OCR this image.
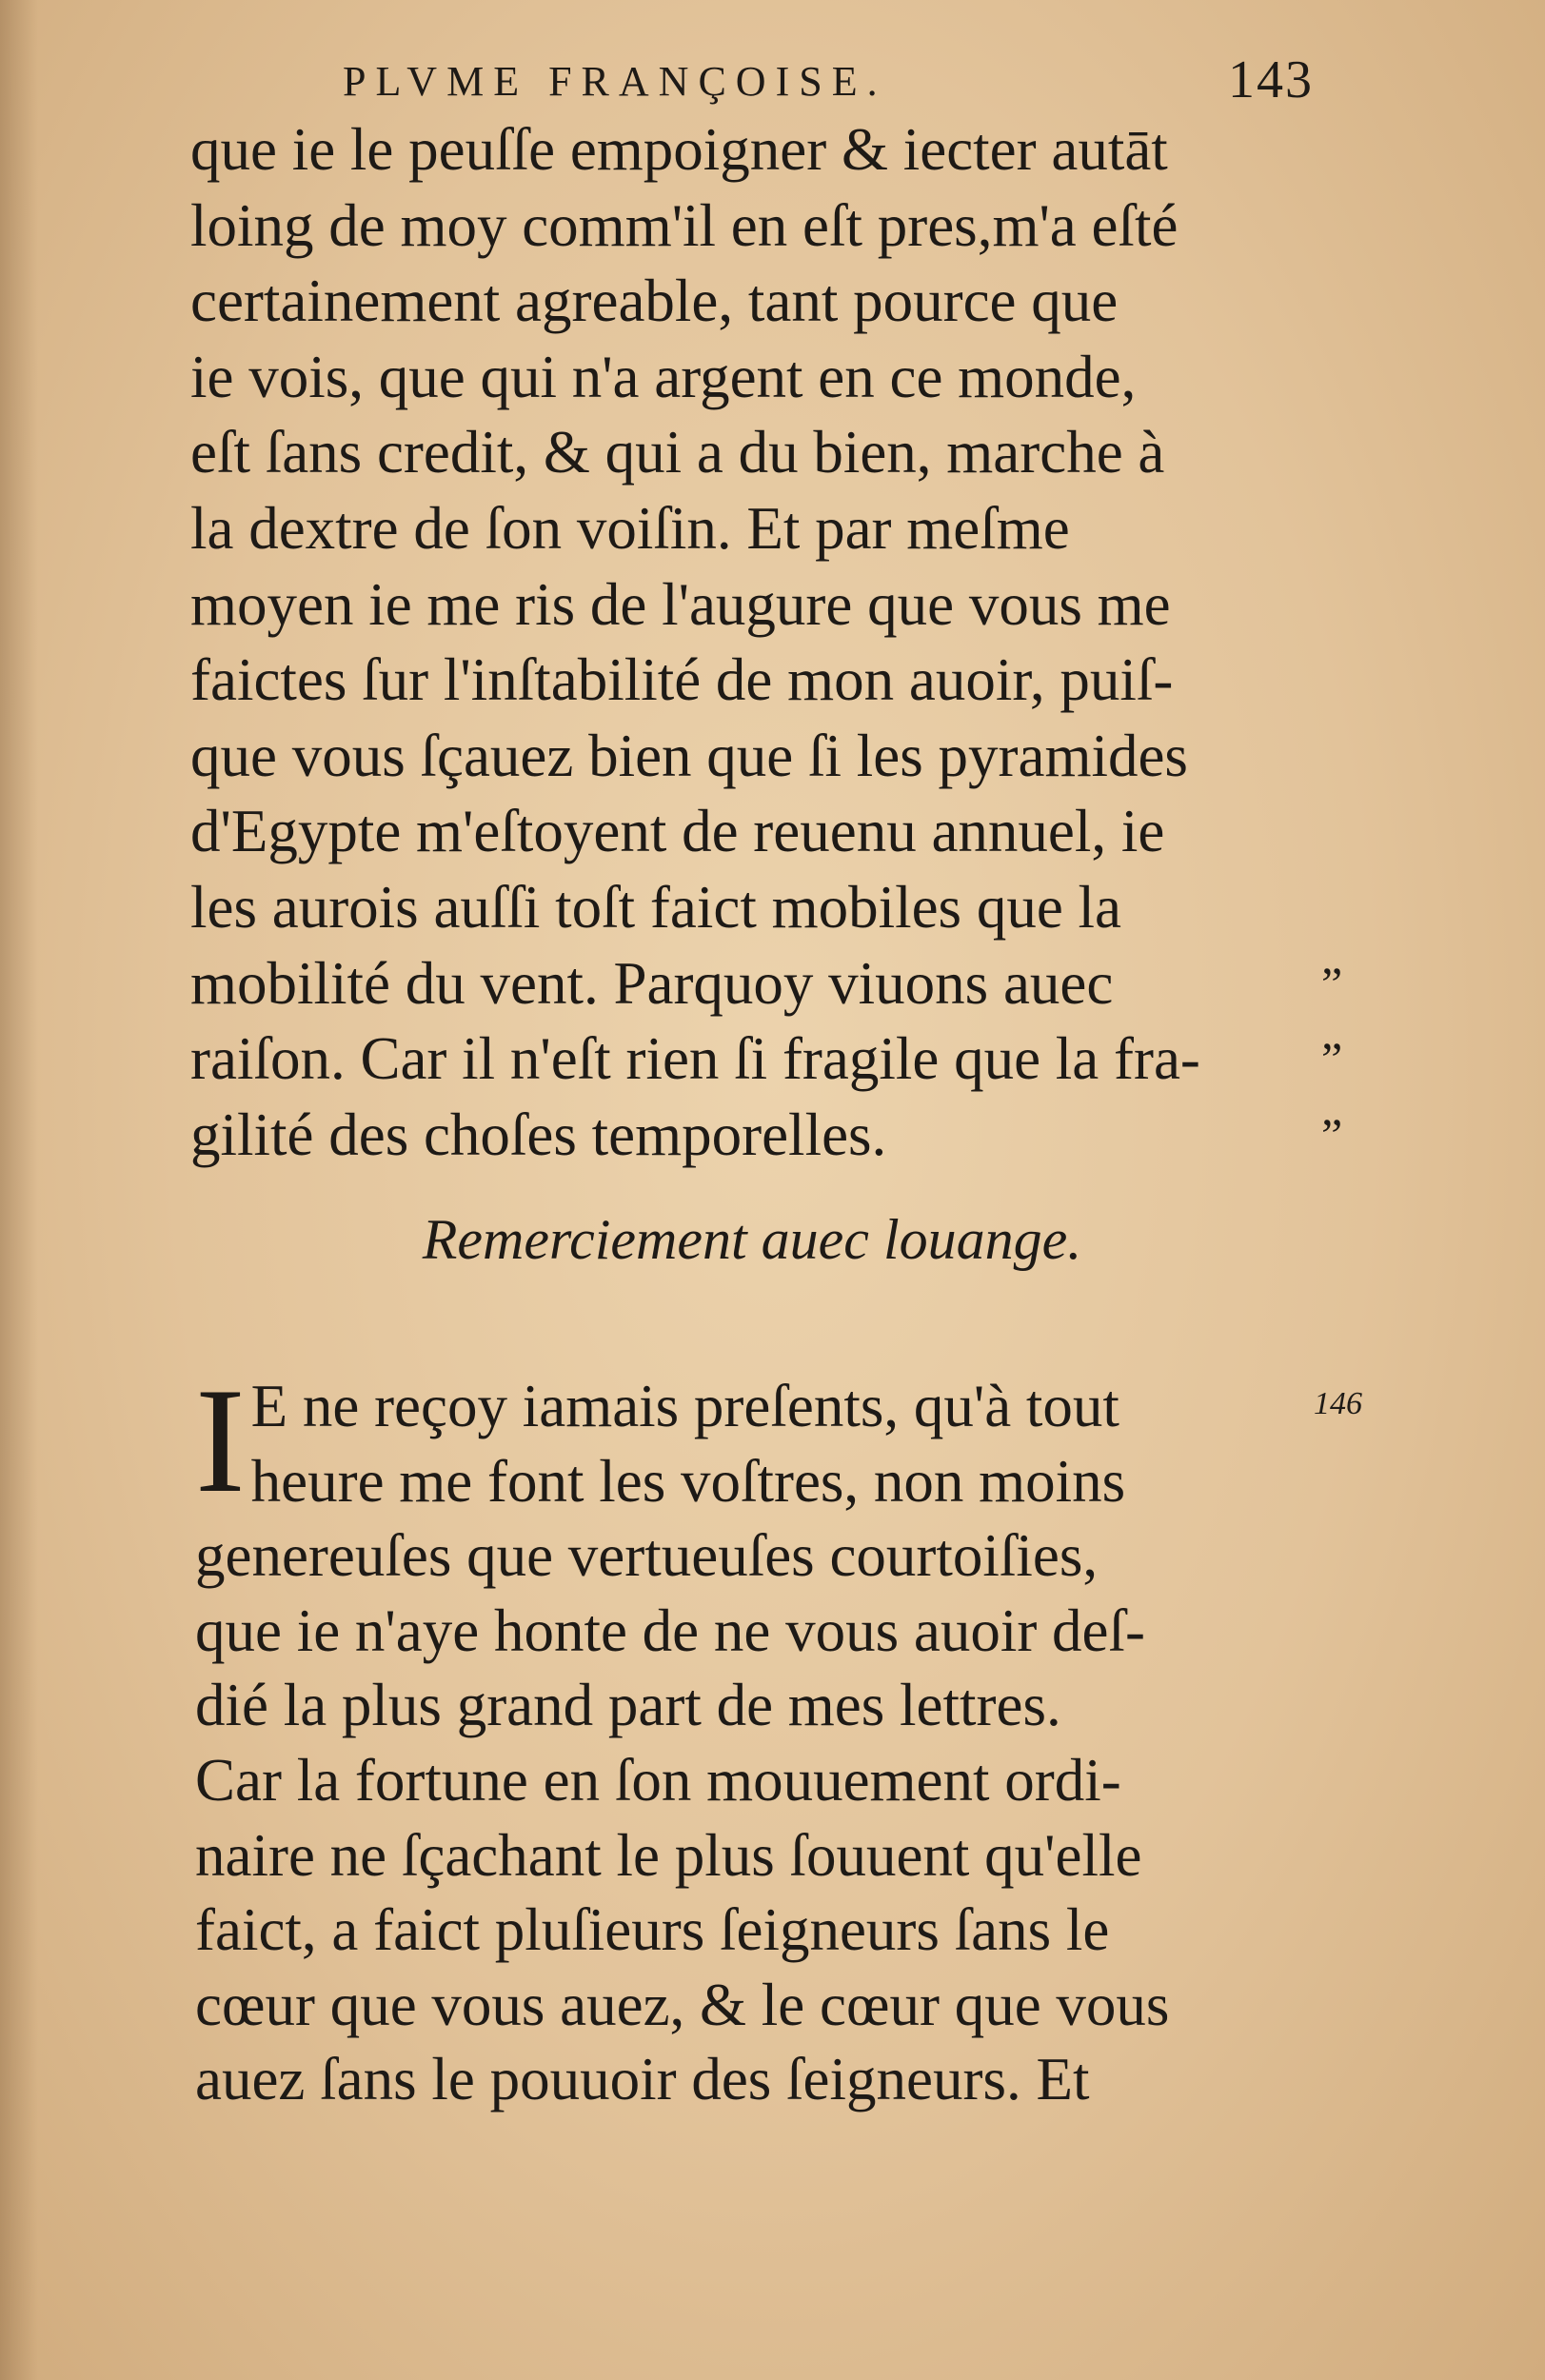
PLVME FRANÇOISE.	143
que ie le peuſſe empoigner & iecter autāt
loing de moy comm'il en eſt pres,m'a eſté
certainement agreable, tant pource que
ie vois, que qui n'a argent en ce monde,
eſt ſans credit, & qui a du bien, marche à
la dextre de ſon voiſin. Et par meſme
moyen ie me ris de l'augure que vous me
faictes ſur l'inſtabilité de mon auoir, puiſ-
que vous ſçauez bien que ſi les pyramides
d'Egypte m'eſtoyent de reuenu annuel, ie
les aurois auſſi toſt faict mobiles que la
mobilité du vent. Parquoy viuons auec	”
raiſon. Car il n'eſt rien ſi fragile que la fra-	”
gilité des choſes temporelles.	”
Remerciement auec louange.
I E ne reçoy iamais preſents, qu'à tout
heure me font les voſtres, non moins
genereuſes que vertueuſes courtoiſies,
que ie n'aye honte de ne vous auoir deſ-
dié la plus grand part de mes lettres.
Car la fortune en ſon mouuement ordi-
naire ne ſçachant le plus ſouuent qu'elle
faict, a faict pluſieurs ſeigneurs ſans le
cœur que vous auez, & le cœur que vous
auez ſans le pouuoir des ſeigneurs. Et
146
